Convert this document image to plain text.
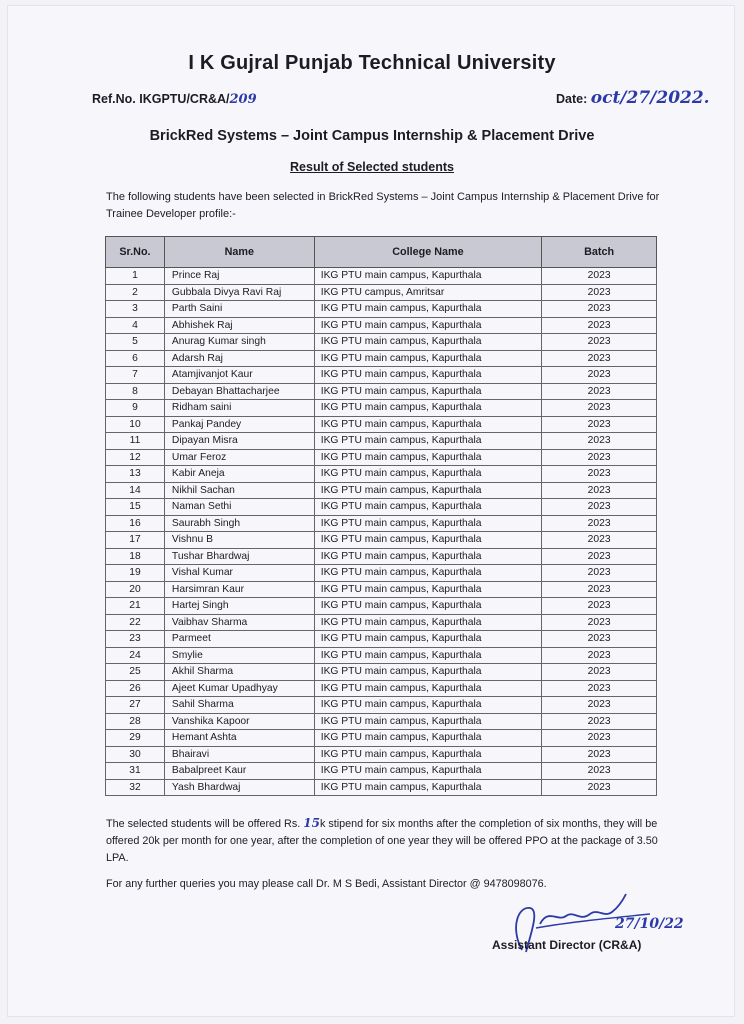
I K Gujral Punjab Technical University
Ref.No. IKGPTU/CR&A/209	Date: oct/27/2022.
BrickRed Systems – Joint Campus Internship & Placement Drive
Result of Selected students
The following students have been selected in BrickRed Systems – Joint Campus Internship & Placement Drive for Trainee Developer profile:-
Sr.No.	Name	College Name	Batch
1	Prince Raj	IKG PTU main campus, Kapurthala	2023
2	Gubbala Divya Ravi Raj	IKG PTU campus, Amritsar	2023
3	Parth Saini	IKG PTU main campus, Kapurthala	2023
4	Abhishek Raj	IKG PTU main campus, Kapurthala	2023
5	Anurag Kumar singh	IKG PTU main campus, Kapurthala	2023
6	Adarsh Raj	IKG PTU main campus, Kapurthala	2023
7	Atamjivanjot Kaur	IKG PTU main campus, Kapurthala	2023
8	Debayan Bhattacharjee	IKG PTU main campus, Kapurthala	2023
9	Ridham saini	IKG PTU main campus, Kapurthala	2023
10	Pankaj Pandey	IKG PTU main campus, Kapurthala	2023
11	Dipayan Misra	IKG PTU main campus, Kapurthala	2023
12	Umar Feroz	IKG PTU main campus, Kapurthala	2023
13	Kabir Aneja	IKG PTU main campus, Kapurthala	2023
14	Nikhil Sachan	IKG PTU main campus, Kapurthala	2023
15	Naman Sethi	IKG PTU main campus, Kapurthala	2023
16	Saurabh Singh	IKG PTU main campus, Kapurthala	2023
17	Vishnu B	IKG PTU main campus, Kapurthala	2023
18	Tushar Bhardwaj	IKG PTU main campus, Kapurthala	2023
19	Vishal Kumar	IKG PTU main campus, Kapurthala	2023
20	Harsimran Kaur	IKG PTU main campus, Kapurthala	2023
21	Hartej Singh	IKG PTU main campus, Kapurthala	2023
22	Vaibhav Sharma	IKG PTU main campus, Kapurthala	2023
23	Parmeet	IKG PTU main campus, Kapurthala	2023
24	Smylie	IKG PTU main campus, Kapurthala	2023
25	Akhil Sharma	IKG PTU main campus, Kapurthala	2023
26	Ajeet Kumar Upadhyay	IKG PTU main campus, Kapurthala	2023
27	Sahil Sharma	IKG PTU main campus, Kapurthala	2023
28	Vanshika Kapoor	IKG PTU main campus, Kapurthala	2023
29	Hemant Ashta	IKG PTU main campus, Kapurthala	2023
30	Bhairavi	IKG PTU main campus, Kapurthala	2023
31	Babalpreet Kaur	IKG PTU main campus, Kapurthala	2023
32	Yash Bhardwaj	IKG PTU main campus, Kapurthala	2023
The selected students will be offered Rs. 15k stipend for six months after the completion of six months, they will be offered 20k per month for one year, after the completion of one year they will be offered PPO at the package of 3.50 LPA.
For any further queries you may please call Dr. M S Bedi, Assistant Director @ 9478098076.
27/10/22
Assistant Director (CR&A)
